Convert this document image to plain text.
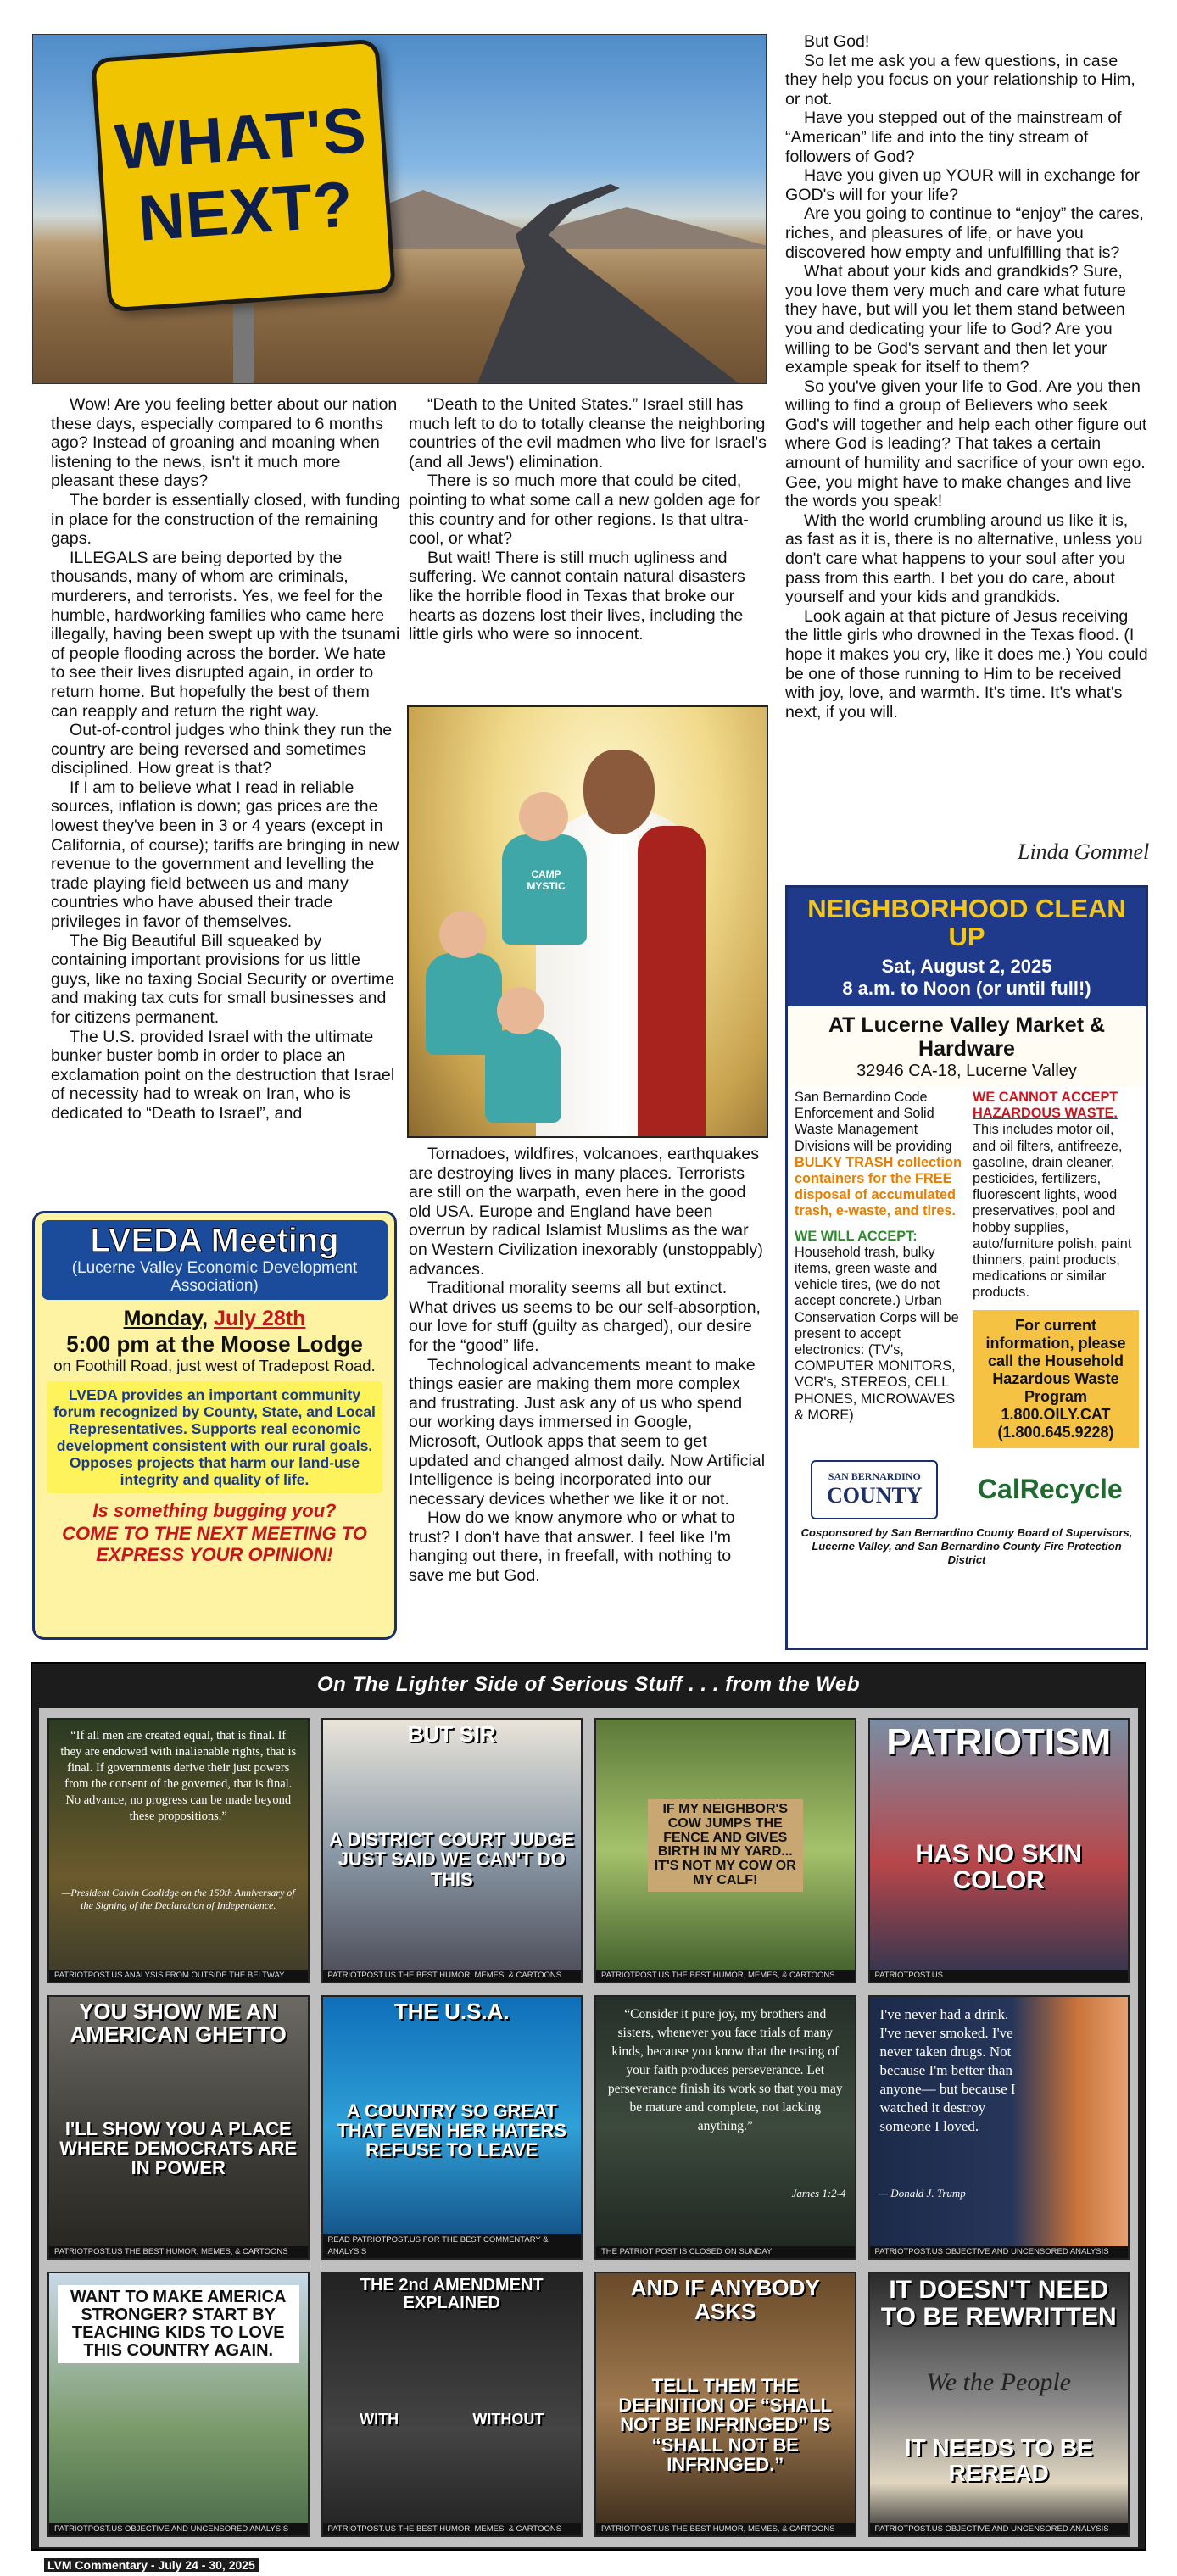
WHAT'S NEXT?

Wow! Are you feeling better about our nation these days, especially compared to 6 months ago? Instead of groaning and moaning when listening to the news, isn't it much more pleasant these days?

The border is essentially closed, with funding in place for the construction of the remaining gaps.

ILLEGALS are being deported by the thousands, many of whom are criminals, murderers, and terrorists. Yes, we feel for the humble, hardworking families who came here illegally, having been swept up with the tsunami of people flooding across the border. We hate to see their lives disrupted again, in order to return home. But hopefully the best of them can reapply and return the right way.

Out-of-control judges who think they run the country are being reversed and sometimes disciplined. How great is that?

If I am to believe what I read in reliable sources, inflation is down; gas prices are the lowest they've been in 3 or 4 years (except in California, of course); tariffs are bringing in new revenue to the government and levelling the trade playing field between us and many countries who have abused their trade privileges in favor of themselves.

The Big Beautiful Bill squeaked by containing important provisions for us little guys, like no taxing Social Security or overtime and making tax cuts for small businesses and for citizens permanent.

The U.S. provided Israel with the ultimate bunker buster bomb in order to place an exclamation point on the destruction that Israel of necessity had to wreak on Iran, who is dedicated to “Death to Israel”, and

“Death to the United States.” Israel still has much left to do to totally cleanse the neighboring countries of the evil madmen who live for Israel's (and all Jews') elimination.

There is so much more that could be cited, pointing to what some call a new golden age for this country and for other regions. Is that ultra-cool, or what?

But wait! There is still much ugliness and suffering. We cannot contain natural disasters like the horrible flood in Texas that broke our hearts as dozens lost their lives, including the little girls who were so innocent.

CAMP MYSTIC

Tornadoes, wildfires, volcanoes, earthquakes are destroying lives in many places. Terrorists are still on the warpath, even here in the good old USA. Europe and England have been overrun by radical Islamist Muslims as the war on Western Civilization inexorably (unstoppably) advances.

Traditional morality seems all but extinct. What drives us seems to be our self-absorption, our love for stuff (guilty as charged), our desire for the “good” life.

Technological advancements meant to make things easier are making them more complex and frustrating. Just ask any of us who spend our working days immersed in Google, Microsoft, Outlook apps that seem to get updated and changed almost daily. Now Artificial Intelligence is being incorporated into our necessary devices whether we like it or not.

How do we know anymore who or what to trust? I don't have that answer. I feel like I'm hanging out there, in freefall, with nothing to save me but God.

But God!

So let me ask you a few questions, in case they help you focus on your relationship to Him, or not.

Have you stepped out of the mainstream of “American” life and into the tiny stream of followers of God?

Have you given up YOUR will in exchange for GOD's will for your life?

Are you going to continue to “enjoy” the cares, riches, and pleasures of life, or have you discovered how empty and unfulfilling that is?

What about your kids and grandkids? Sure, you love them very much and care what future they have, but will you let them stand between you and dedicating your life to God? Are you willing to be God's servant and then let your example speak for itself to them?

So you've given your life to God. Are you then willing to find a group of Believers who seek God's will together and help each other figure out where God is leading? That takes a certain amount of humility and sacrifice of your own ego. Gee, you might have to make changes and live the words you speak!

With the world crumbling around us like it is, as fast as it is, there is no alternative, unless you don't care what happens to your soul after you pass from this earth. I bet you do care, about yourself and your kids and grandkids.

Look again at that picture of Jesus receiving the little girls who drowned in the Texas flood. (I hope it makes you cry, like it does me.) You could be one of those running to Him to be received with joy, love, and warmth. It's time. It's what's next, if you will.

Linda Gommel
LVEDA Meeting
(Lucerne Valley Economic Development Association)
Monday, July 28th
5:00 pm at the Moose Lodge
on Foothill Road, just west of Tradepost Road.
LVEDA provides an important community forum recognized by County, State, and Local Representatives. Supports real economic development consistent with our rural goals. Opposes projects that harm our land-use integrity and quality of life.
Is something bugging you?
COME TO THE NEXT MEETING TO EXPRESS YOUR OPINION!
NEIGHBORHOOD CLEAN UP
Sat, August 2, 2025
8 a.m. to Noon (or until full!)
AT Lucerne Valley Market & Hardware
32946 CA-18, Lucerne Valley
San Bernardino Code Enforcement and Solid Waste Management Divisions will be providing BULKY TRASH collection containers for the FREE disposal of accumulated trash, e-waste, and tires.
WE WILL ACCEPT:
Household trash, bulky items, green waste and vehicle tires, (we do not accept concrete.) Urban Conservation Corps will be present to accept electronics: (TV's, COMPUTER MONITORS, VCR's, STEREOS, CELL PHONES, MICROWAVES & MORE)
WE CANNOT ACCEPT
HAZARDOUS WASTE. This includes motor oil, and oil filters, antifreeze, gasoline, drain cleaner, pesticides, fertilizers, fluorescent lights, wood preservatives, pool and hobby supplies, auto/furniture polish, paint thinners, paint products, medications or similar products.
For current information, please call the Household Hazardous Waste Program
1.800.OILY.CAT
(1.800.645.9228)
SAN BERNARDINO
COUNTY CalRecycle
Cosponsored by San Bernardino County Board of Supervisors, Lucerne Valley, and San Bernardino County Fire Protection District
On The Lighter Side of Serious Stuff . . . from the Web
“If all men are created equal, that is final. If they are endowed with inalienable rights, that is final. If governments derive their just powers from the consent of the governed, that is final. No advance, no progress can be made beyond these propositions.”
—President Calvin Coolidge on the 150th Anniversary of the Signing of the Declaration of Independence.
PATRIOTPOST.US ANALYSIS FROM OUTSIDE THE BELTWAY
BUT SIR
A DISTRICT COURT JUDGE JUST SAID WE CAN'T DO THIS
PATRIOTPOST.US THE BEST HUMOR, MEMES, & CARTOONS
IF MY NEIGHBOR'S COW JUMPS THE FENCE AND GIVES BIRTH IN MY YARD... IT'S NOT MY COW OR MY CALF!
PATRIOTPOST.US THE BEST HUMOR, MEMES, & CARTOONS
PATRIOTISM
HAS NO SKIN COLOR
PATRIOTPOST.US
YOU SHOW ME AN AMERICAN GHETTO
I'LL SHOW YOU A PLACE WHERE DEMOCRATS ARE IN POWER
PATRIOTPOST.US THE BEST HUMOR, MEMES, & CARTOONS
THE U.S.A.
A COUNTRY SO GREAT THAT EVEN HER HATERS REFUSE TO LEAVE
READ PATRIOTPOST.US FOR THE BEST COMMENTARY & ANALYSIS
“Consider it pure joy, my brothers and sisters, whenever you face trials of many kinds, because you know that the testing of your faith produces perseverance. Let perseverance finish its work so that you may be mature and complete, not lacking anything.”
James 1:2-4
THE PATRIOT POST IS CLOSED ON SUNDAY
I've never had a drink. I've never smoked. I've never taken drugs. Not because I'm better than anyone— but because I watched it destroy someone I loved.
— Donald J. Trump
PATRIOTPOST.US OBJECTIVE AND UNCENSORED ANALYSIS
WANT TO MAKE AMERICA STRONGER? START BY TEACHING KIDS TO LOVE THIS COUNTRY AGAIN.
PATRIOTPOST.US OBJECTIVE AND UNCENSORED ANALYSIS
THE 2nd AMENDMENT EXPLAINED
WITH	WITHOUT
PATRIOTPOST.US THE BEST HUMOR, MEMES, & CARTOONS
AND IF ANYBODY ASKS
TELL THEM THE DEFINITION OF “SHALL NOT BE INFRINGED” IS “SHALL NOT BE INFRINGED.”
PATRIOTPOST.US THE BEST HUMOR, MEMES, & CARTOONS
IT DOESN'T NEED TO BE REWRITTEN
We the People
IT NEEDS TO BE REREAD
PATRIOTPOST.US OBJECTIVE AND UNCENSORED ANALYSIS
LVM Commentary - July 24 - 30, 2025
